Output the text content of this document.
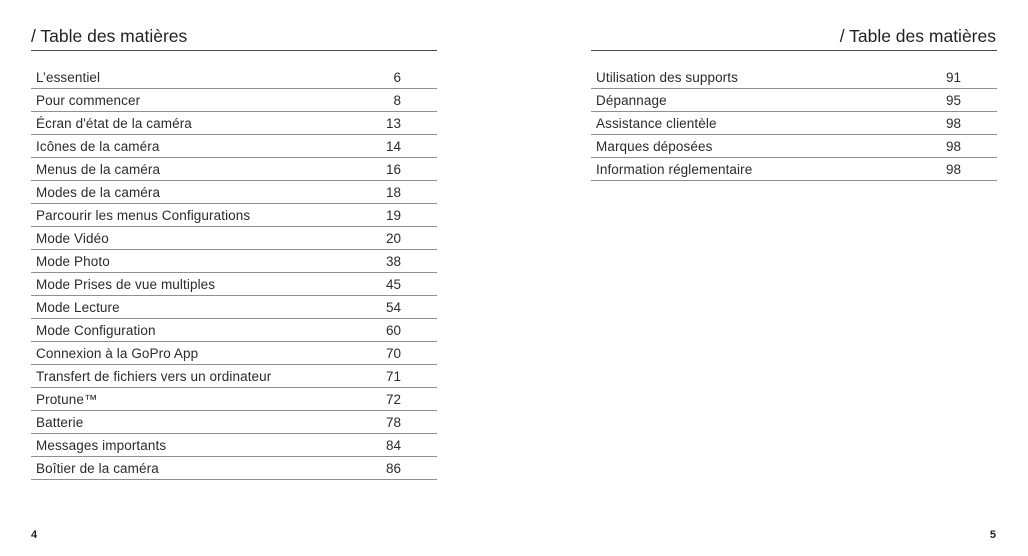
/ Table des matières
L’essentiel	6
Pour commencer	8
Écran d'état de la caméra	13
Icônes de la caméra	14
Menus de la caméra	16
Modes de la caméra	18
Parcourir les menus Configurations	19
Mode Vidéo	20
Mode Photo	38
Mode Prises de vue multiples	45
Mode Lecture	54
Mode Configuration	60
Connexion à la GoPro App	70
Transfert de fichiers vers un ordinateur	71
Protune™	72
Batterie	78
Messages importants	84
Boîtier de la caméra	86
/ Table des matières
Utilisation des supports	91
Dépannage	95
Assistance clientèle	98
Marques déposées	98
Information réglementaire	98
4	5
